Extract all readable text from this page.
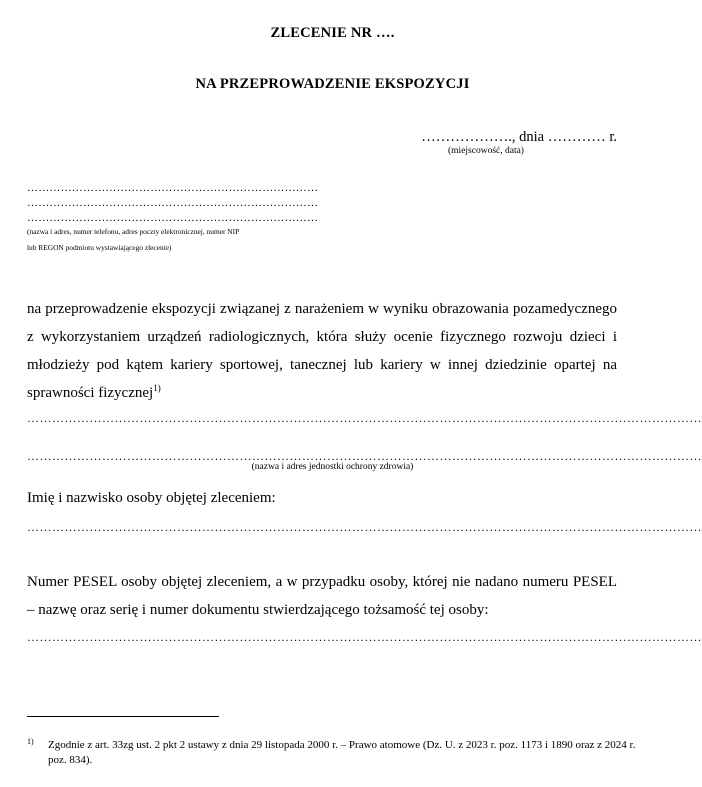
ZLECENIE NR ….
NA PRZEPROWADZENIE EKSPOZYCJI
………………., dnia ………… r.
(miejscowość, data)
……………………………………………………………………
……………………………………………………………………
……………………………………………………………………
(nazwa i adres, numer telefonu, adres poczty elektronicznej, numer NIP
lub REGON podmiotu wystawiającego zlecenie)
na przeprowadzenie ekspozycji związanej z narażeniem w wyniku obrazowania pozamedycznego z wykorzystaniem urządzeń radiologicznych, która służy ocenie fizycznego rozwoju dzieci i młodzieży pod kątem kariery sportowej, tanecznej lub kariery w innej dziedzinie opartej na sprawności fizycznej$^{1)}$
………………………………………………………………………………………………………………………………………………
………………………………………………………………………………………………………………………………………………
(nazwa i adres jednostki ochrony zdrowia)
Imię i nazwisko osoby objętej zleceniem:
………………………………………………………………………………………………………………………………………………
Numer PESEL osoby objętej zleceniem, a w przypadku osoby, której nie nadano numeru PESEL – nazwę oraz serię i numer dokumentu stwierdzającego tożsamość tej osoby:
………………………………………………………………………………………………………………………………………………
1) Zgodnie z art. 33zg ust. 2 pkt 2 ustawy z dnia 29 listopada 2000 r. – Prawo atomowe (Dz. U. z 2023 r. poz. 1173 i 1890 oraz z 2024 r. poz. 834).
